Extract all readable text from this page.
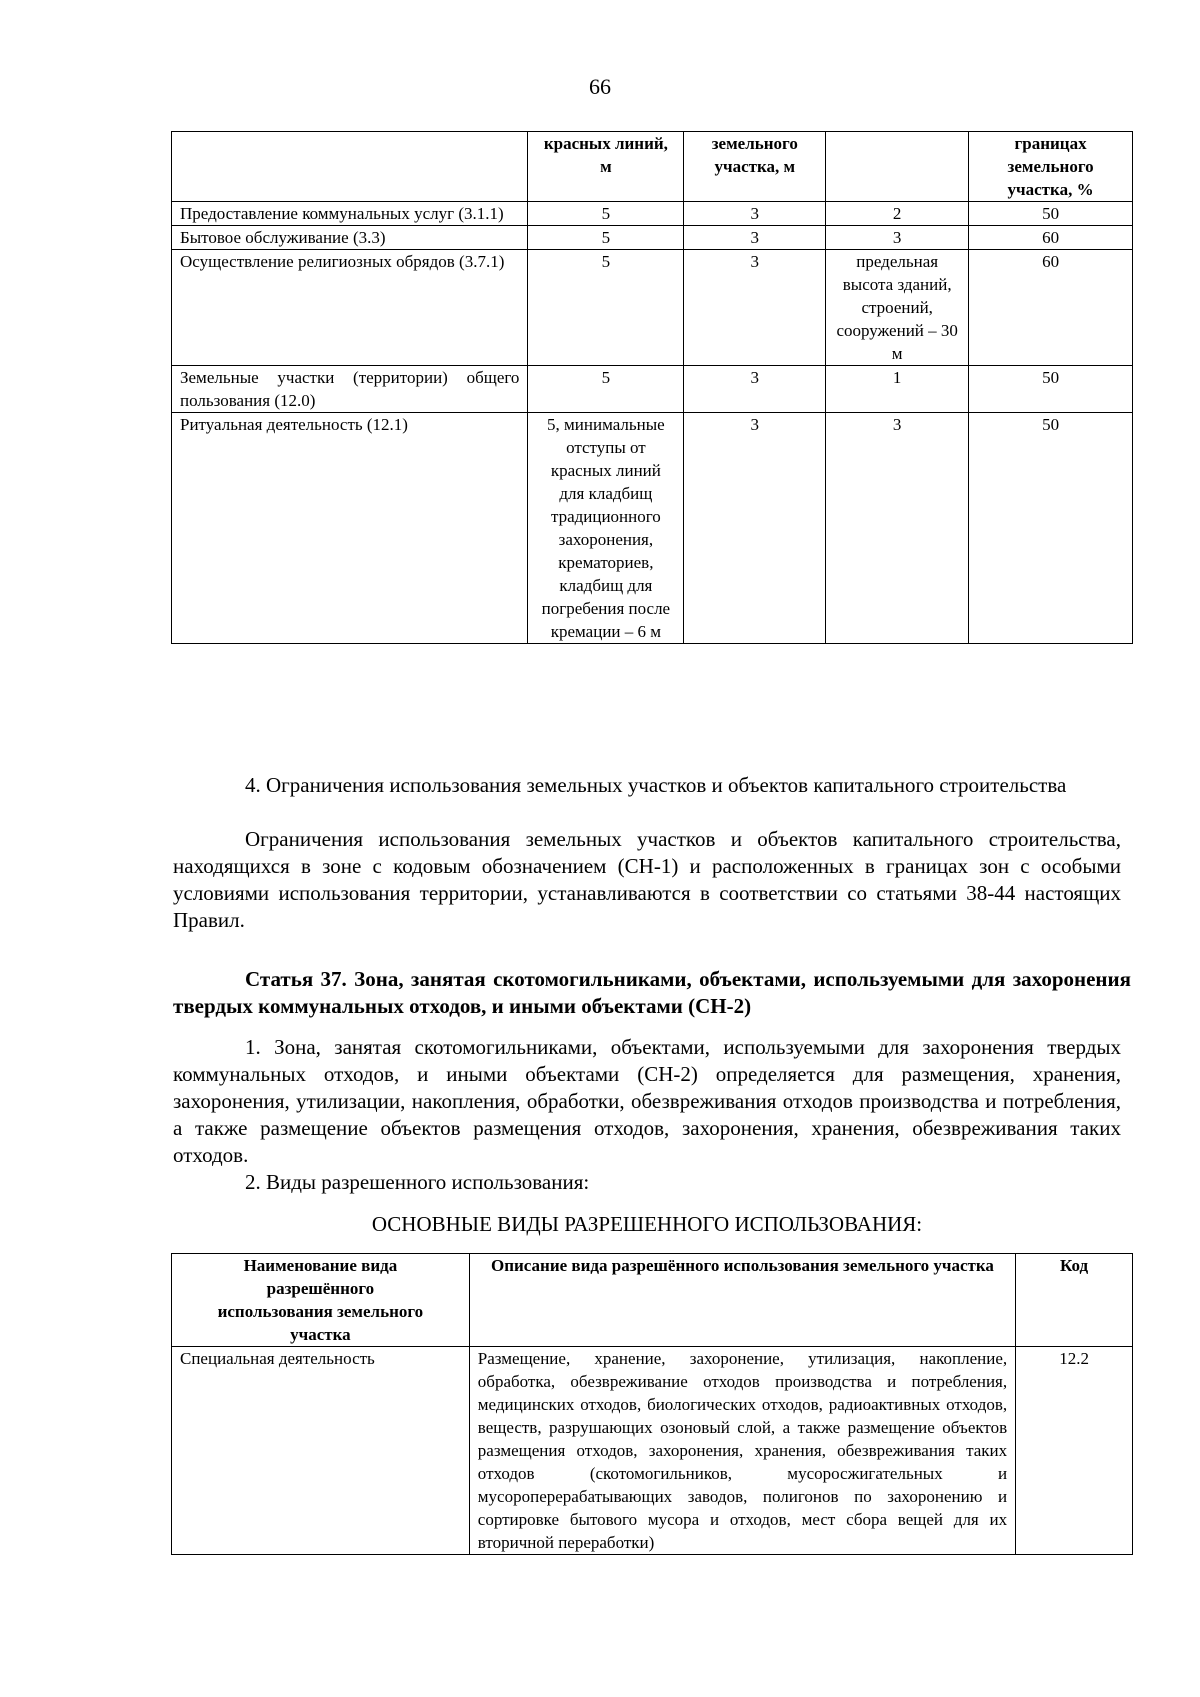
66
	красных линий, м	земельного участка, м		границах земельного участка, %
Предоставление коммунальных услуг (3.1.1)	5	3	2	50
Бытовое обслуживание (3.3)	5	3	3	60
Осуществление религиозных обрядов (3.7.1)	5	3	предельная высота зданий, строений, сооружений – 30 м	60
Земельные участки (территории) общего пользования (12.0)	5	3	1	50
Ритуальная деятельность (12.1)	5, минимальные отступы от красных линий для кладбищ традиционного захоронения, крематориев, кладбищ для погребения после кремации – 6 м	3	3	50
4. Ограничения использования земельных участков и объектов капитального строительства
Ограничения использования земельных участков и объектов капитального строительства, находящихся в зоне с кодовым обозначением (СН-1) и расположенных в границах зон с особыми условиями использования территории, устанавливаются в соответствии со статьями 38-44 настоящих Правил.
Статья 37. Зона, занятая скотомогильниками, объектами, используемыми для захоронения твердых коммунальных отходов, и иными объектами (СН-2)
1. Зона, занятая скотомогильниками, объектами, используемыми для захоронения твердых коммунальных отходов, и иными объектами (СН-2) определяется для размещения, хранения, захоронения, утилизации, накопления, обработки, обезвреживания отходов производства и потребления, а также размещение объектов размещения отходов, захоронения, хранения, обезвреживания таких отходов.
2. Виды разрешенного использования:
ОСНОВНЫЕ ВИДЫ РАЗРЕШЕННОГО ИСПОЛЬЗОВАНИЯ:
Наименование вида разрешённого использования земельного участка	Описание вида разрешённого использования земельного участка	Код
Специальная деятельность	Размещение, хранение, захоронение, утилизация, накопление, обработка, обезвреживание отходов производства и потребления, медицинских отходов, биологических отходов, радиоактивных отходов, веществ, разрушающих озоновый слой, а также размещение объектов размещения отходов, захоронения, хранения, обезвреживания таких отходов (скотомогильников, мусоросжигательных и мусороперерабатывающих заводов, полигонов по захоронению и сортировке бытового мусора и отходов, мест сбора вещей для их вторичной переработки)	12.2
